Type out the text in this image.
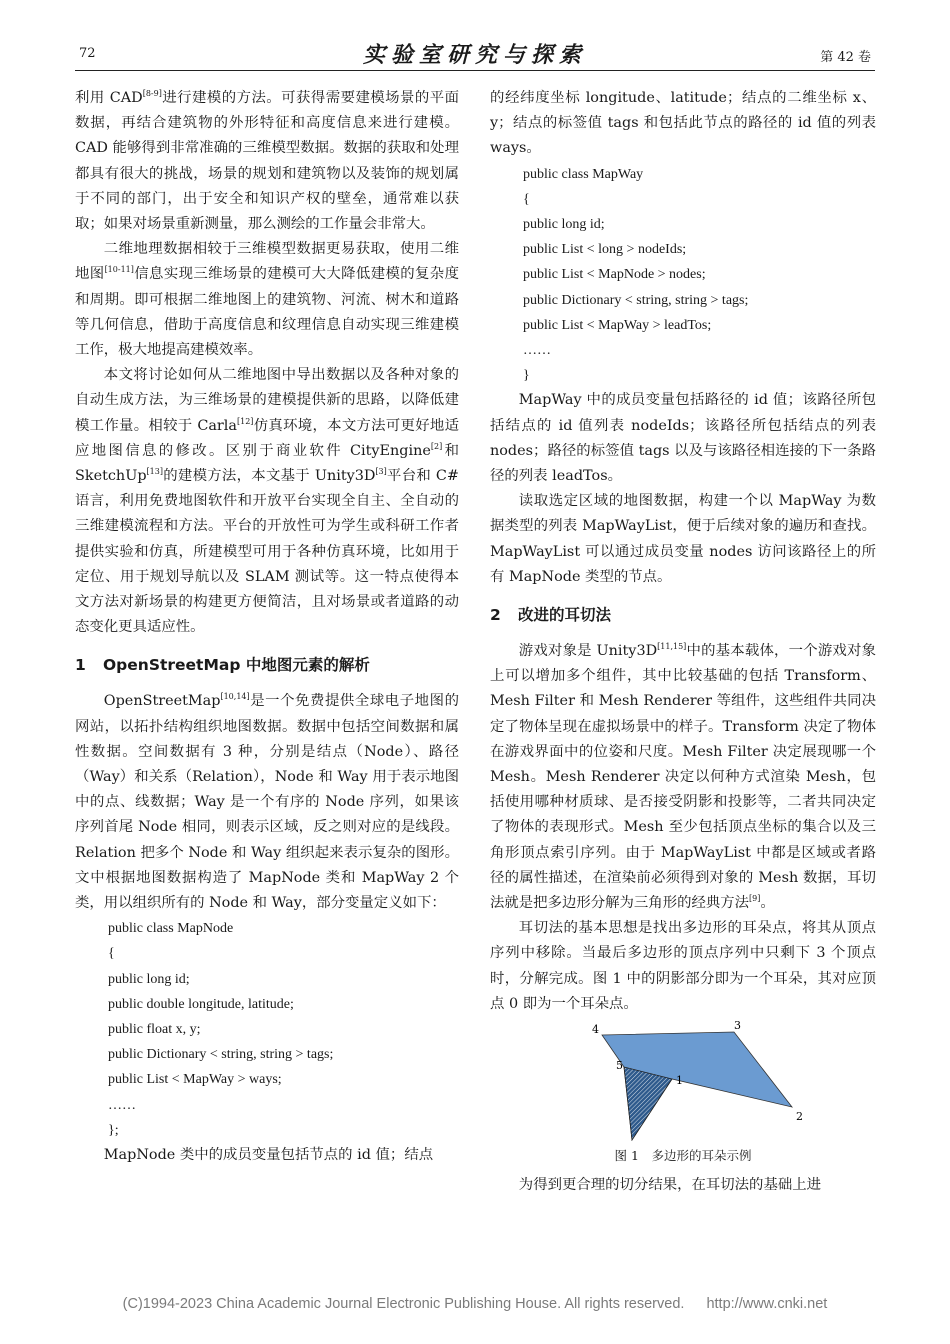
72	实验室研究与探索	第 42 卷

利用 CAD[8-9]进行建模的方法。可获得需要建模场景的平面数据，再结合建筑物的外形特征和高度信息来进行建模。CAD 能够得到非常准确的三维模型数据。数据的获取和处理都具有很大的挑战，场景的规划和建筑物以及装饰的规划属于不同的部门，出于安全和知识产权的壁垒，通常难以获取；如果对场景重新测量，那么测绘的工作量会非常大。

二维地理数据相较于三维模型数据更易获取，使用二维地图[10-11]信息实现三维场景的建模可大大降低建模的复杂度和周期。即可根据二维地图上的建筑物、河流、树木和道路等几何信息，借助于高度信息和纹理信息自动实现三维建模工作，极大地提高建模效率。

本文将讨论如何从二维地图中导出数据以及各种对象的自动生成方法，为三维场景的建模提供新的思路，以降低建模工作量。相较于 Carla[12]仿真环境，本文方法可更好地适应地图信息的修改。区别于商业软件 CityEngine[2]和 SketchUp[13]的建模方法，本文基于 Unity3D[3]平台和 C#语言，利用免费地图软件和开放平台实现全自主、全自动的三维建模流程和方法。平台的开放性可为学生或科研工作者提供实验和仿真，所建模型可用于各种仿真环境，比如用于定位、用于规划导航以及 SLAM 测试等。这一特点使得本文方法对新场景的构建更方便简洁，且对场景或者道路的动态变化更具适应性。

1 OpenStreetMap 中地图元素的解析

OpenStreetMap[10,14]是一个免费提供全球电子地图的网站，以拓扑结构组织地图数据。数据中包括空间数据和属性数据。空间数据有 3 种，分别是结点（Node）、路径（Way）和关系（Relation），Node 和 Way 用于表示地图中的点、线数据；Way 是一个有序的 Node 序列，如果该序列首尾 Node 相同，则表示区域，反之则对应的是线段。Relation 把多个 Node 和 Way 组织起来表示复杂的图形。文中根据地图数据构造了 MapNode 类和 MapWay 2 个类，用以组织所有的 Node 和 Way，部分变量定义如下：

public class MapNode
{
public long id;
public double longitude, latitude;
public float x, y;
public Dictionary < string, string > tags;
public List < MapWay > ways;
……
};

MapNode 类中的成员变量包括节点的 id 值；结点

的经纬度坐标 longitude、latitude；结点的二维坐标 x、y；结点的标签值 tags 和包括此节点的路径的 id 值的列表 ways。

public class MapWay
{
public long id;
public List < long > nodeIds;
public List < MapNode > nodes;
public Dictionary < string, string > tags;
public List < MapWay > leadTos;
……
}

MapWay 中的成员变量包括路径的 id 值；该路径所包括结点的 id 值列表 nodeIds；该路径所包括结点的列表 nodes；路径的标签值 tags 以及与该路径相连接的下一条路径的列表 leadTos。

读取选定区域的地图数据，构建一个以 MapWay 为数据类型的列表 MapWayList，便于后续对象的遍历和查找。MapWayList 可以通过成员变量 nodes 访问该路径上的所有 MapNode 类型的节点。

2 改进的耳切法

游戏对象是 Unity3D[11,15]中的基本载体，一个游戏对象上可以增加多个组件，其中比较基础的包括 Transform、Mesh Filter 和 Mesh Renderer 等组件，这些组件共同决定了物体呈现在虚拟场景中的样子。Transform 决定了物体在游戏界面中的位姿和尺度。Mesh Filter 决定展现哪一个 Mesh。Mesh Renderer 决定以何种方式渲染 Mesh，包括使用哪种材质球、是否接受阴影和投影等，二者共同决定了物体的表现形式。Mesh 至少包括顶点坐标的集合以及三角形顶点索引序列。由于 MapWayList 中都是区域或者路径的属性描述，在渲染前必须得到对象的 Mesh 数据，耳切法就是把多边形分解为三角形的经典方法[9]。

耳切法的基本思想是找出多边形的耳朵点，将其从顶点序列中移除。当最后多边形的顶点序列中只剩下 3 个顶点时，分解完成。图 1 中的阴影部分即为一个耳朵，其对应顶点 0 即为一个耳朵点。

1
2
3
4
5
图 1　多边形的耳朵示例

为得到更合理的切分结果，在耳切法的基础上进

(C)1994-2023 China Academic Journal Electronic Publishing House. All rights reserved. http://www.cnki.net
